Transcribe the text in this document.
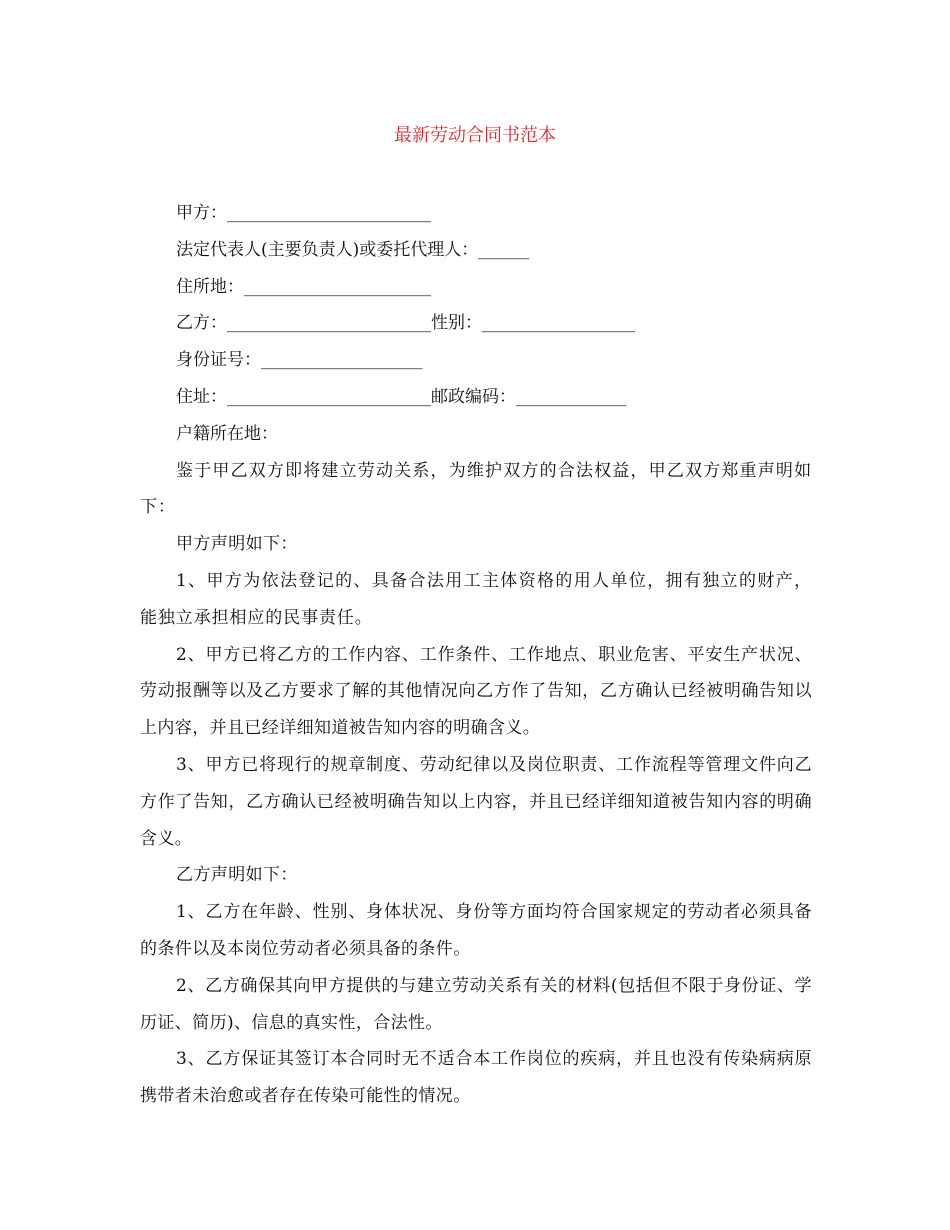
最新劳动合同书范本
甲方：________________________
法定代表人(主要负责人)或委托代理人：______
住所地：______________________
乙方：________________________性别：__________________
身份证号：___________________
住址：________________________邮政编码：_____________
户籍所在地：
鉴于甲乙双方即将建立劳动关系，为维护双方的合法权益，甲乙双方郑重声明如下：
甲方声明如下：
1、甲方为依法登记的、具备合法用工主体资格的用人单位，拥有独立的财产，能独立承担相应的民事责任。
2、甲方已将乙方的工作内容、工作条件、工作地点、职业危害、平安生产状况、劳动报酬等以及乙方要求了解的其他情况向乙方作了告知，乙方确认已经被明确告知以上内容，并且已经详细知道被告知内容的明确含义。
3、甲方已将现行的规章制度、劳动纪律以及岗位职责、工作流程等管理文件向乙方作了告知，乙方确认已经被明确告知以上内容，并且已经详细知道被告知内容的明确含义。
乙方声明如下：
1、乙方在年龄、性别、身体状况、身份等方面均符合国家规定的劳动者必须具备的条件以及本岗位劳动者必须具备的条件。
2、乙方确保其向甲方提供的与建立劳动关系有关的材料(包括但不限于身份证、学历证、简历)、信息的真实性，合法性。
3、乙方保证其签订本合同时无不适合本工作岗位的疾病，并且也没有传染病病原携带者未治愈或者存在传染可能性的情况。
